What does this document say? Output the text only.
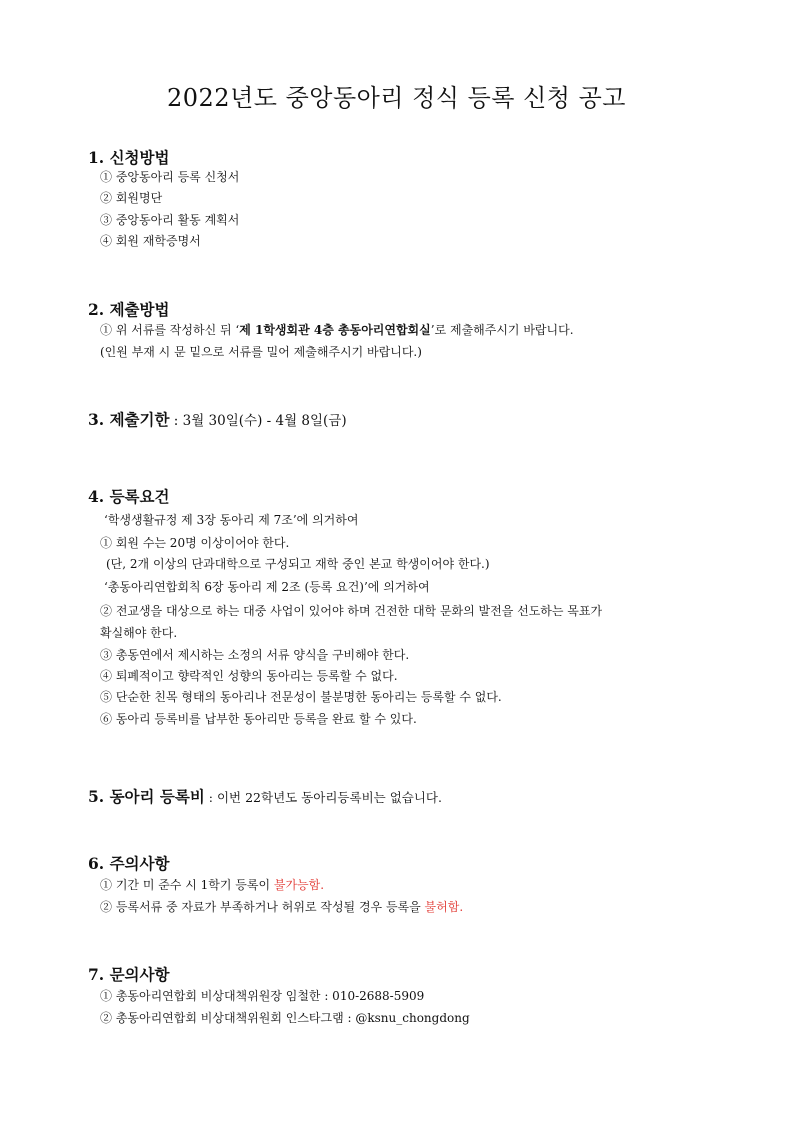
2022년도 중앙동아리 정식 등록 신청 공고
1. 신청방법
① 중앙동아리 등록 신청서
② 회원명단
③ 중앙동아리 활동 계획서
④ 회원 재학증명서
2. 제출방법
① 위 서류를 작성하신 뒤 ‘제 1학생회관 4층 총동아리연합회실’로 제출해주시기 바랍니다.
(인원 부재 시 문 밑으로 서류를 밀어 제출해주시기 바랍니다.)
3. 제출기한 : 3월 30일(수) - 4월 8일(금)
4. 등록요건
‘학생생활규정 제 3장 동아리 제 7조’에 의거하여
① 회원 수는 20명 이상이어야 한다.
(단, 2개 이상의 단과대학으로 구성되고 재학 중인 본교 학생이어야 한다.)
‘총동아리연합회칙 6장 동아리 제 2조 (등록 요건)’에 의거하여
② 전교생을 대상으로 하는 대중 사업이 있어야 하며 건전한 대학 문화의 발전을 선도하는 목표가
확실해야 한다.
③ 총동연에서 제시하는 소정의 서류 양식을 구비해야 한다.
④ 퇴폐적이고 향락적인 성향의 동아리는 등록할 수 없다.
⑤ 단순한 친목 형태의 동아리나 전문성이 불분명한 동아리는 등록할 수 없다.
⑥ 동아리 등록비를 납부한 동아리만 등록을 완료 할 수 있다.
5. 동아리 등록비 : 이번 22학년도 동아리등록비는 없습니다.
6. 주의사항
① 기간 미 준수 시 1학기 등록이 불가능함.
② 등록서류 중 자료가 부족하거나 허위로 작성될 경우 등록을 불허함.
7. 문의사항
① 총동아리연합회 비상대책위원장 임철한 : 010-2688-5909
② 총동아리연합회 비상대책위원회 인스타그램 : @ksnu_chongdong
